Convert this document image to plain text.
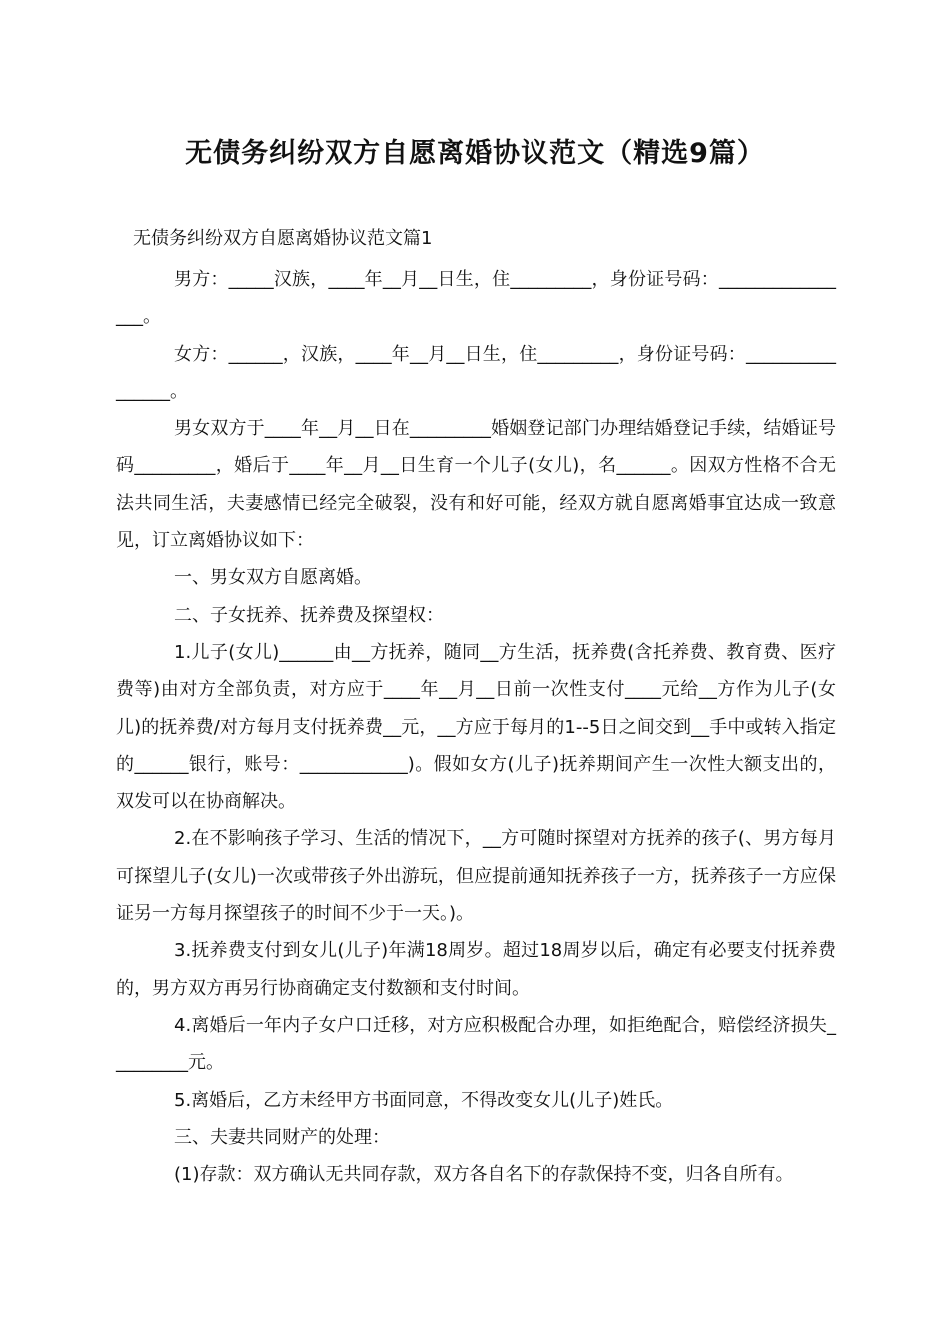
无债务纠纷双方自愿离婚协议范文（精选9篇）
无债务纠纷双方自愿离婚协议范文篇1

男方：_____汉族，____年__月__日生，住_________，身份证号码：________________。

女方：______，汉族，____年__月__日生，住_________，身份证号码：________________。

男女双方于____年__月__日在_________婚姻登记部门办理结婚登记手续，结婚证号码_________，婚后于____年__月__日生育一个儿子(女儿)，名______。因双方性格不合无法共同生活，夫妻感情已经完全破裂，没有和好可能，经双方就自愿离婚事宜达成一致意见，订立离婚协议如下：

一、男女双方自愿离婚。

二、子女抚养、抚养费及探望权：

1.儿子(女儿)______由__方抚养，随同__方生活，抚养费(含托养费、教育费、医疗费等)由对方全部负责，对方应于____年__月__日前一次性支付____元给__方作为儿子(女儿)的抚养费/对方每月支付抚养费__元，__方应于每月的1--5日之间交到__手中或转入指定的______银行，账号：____________)。假如女方(儿子)抚养期间产生一次性大额支出的，双发可以在协商解决。

2.在不影响孩子学习、生活的情况下，__方可随时探望对方抚养的孩子(、男方每月可探望儿子(女儿)一次或带孩子外出游玩，但应提前通知抚养孩子一方，抚养孩子一方应保证另一方每月探望孩子的时间不少于一天。)。

3.抚养费支付到女儿(儿子)年满18周岁。超过18周岁以后，确定有必要支付抚养费的，男方双方再另行协商确定支付数额和支付时间。

4.离婚后一年内子女户口迁移，对方应积极配合办理，如拒绝配合，赔偿经济损失_________元。

5.离婚后，乙方未经甲方书面同意，不得改变女儿(儿子)姓氏。

三、夫妻共同财产的处理：

(1)存款：双方确认无共同存款，双方各自名下的存款保持不变，归各自所有。
